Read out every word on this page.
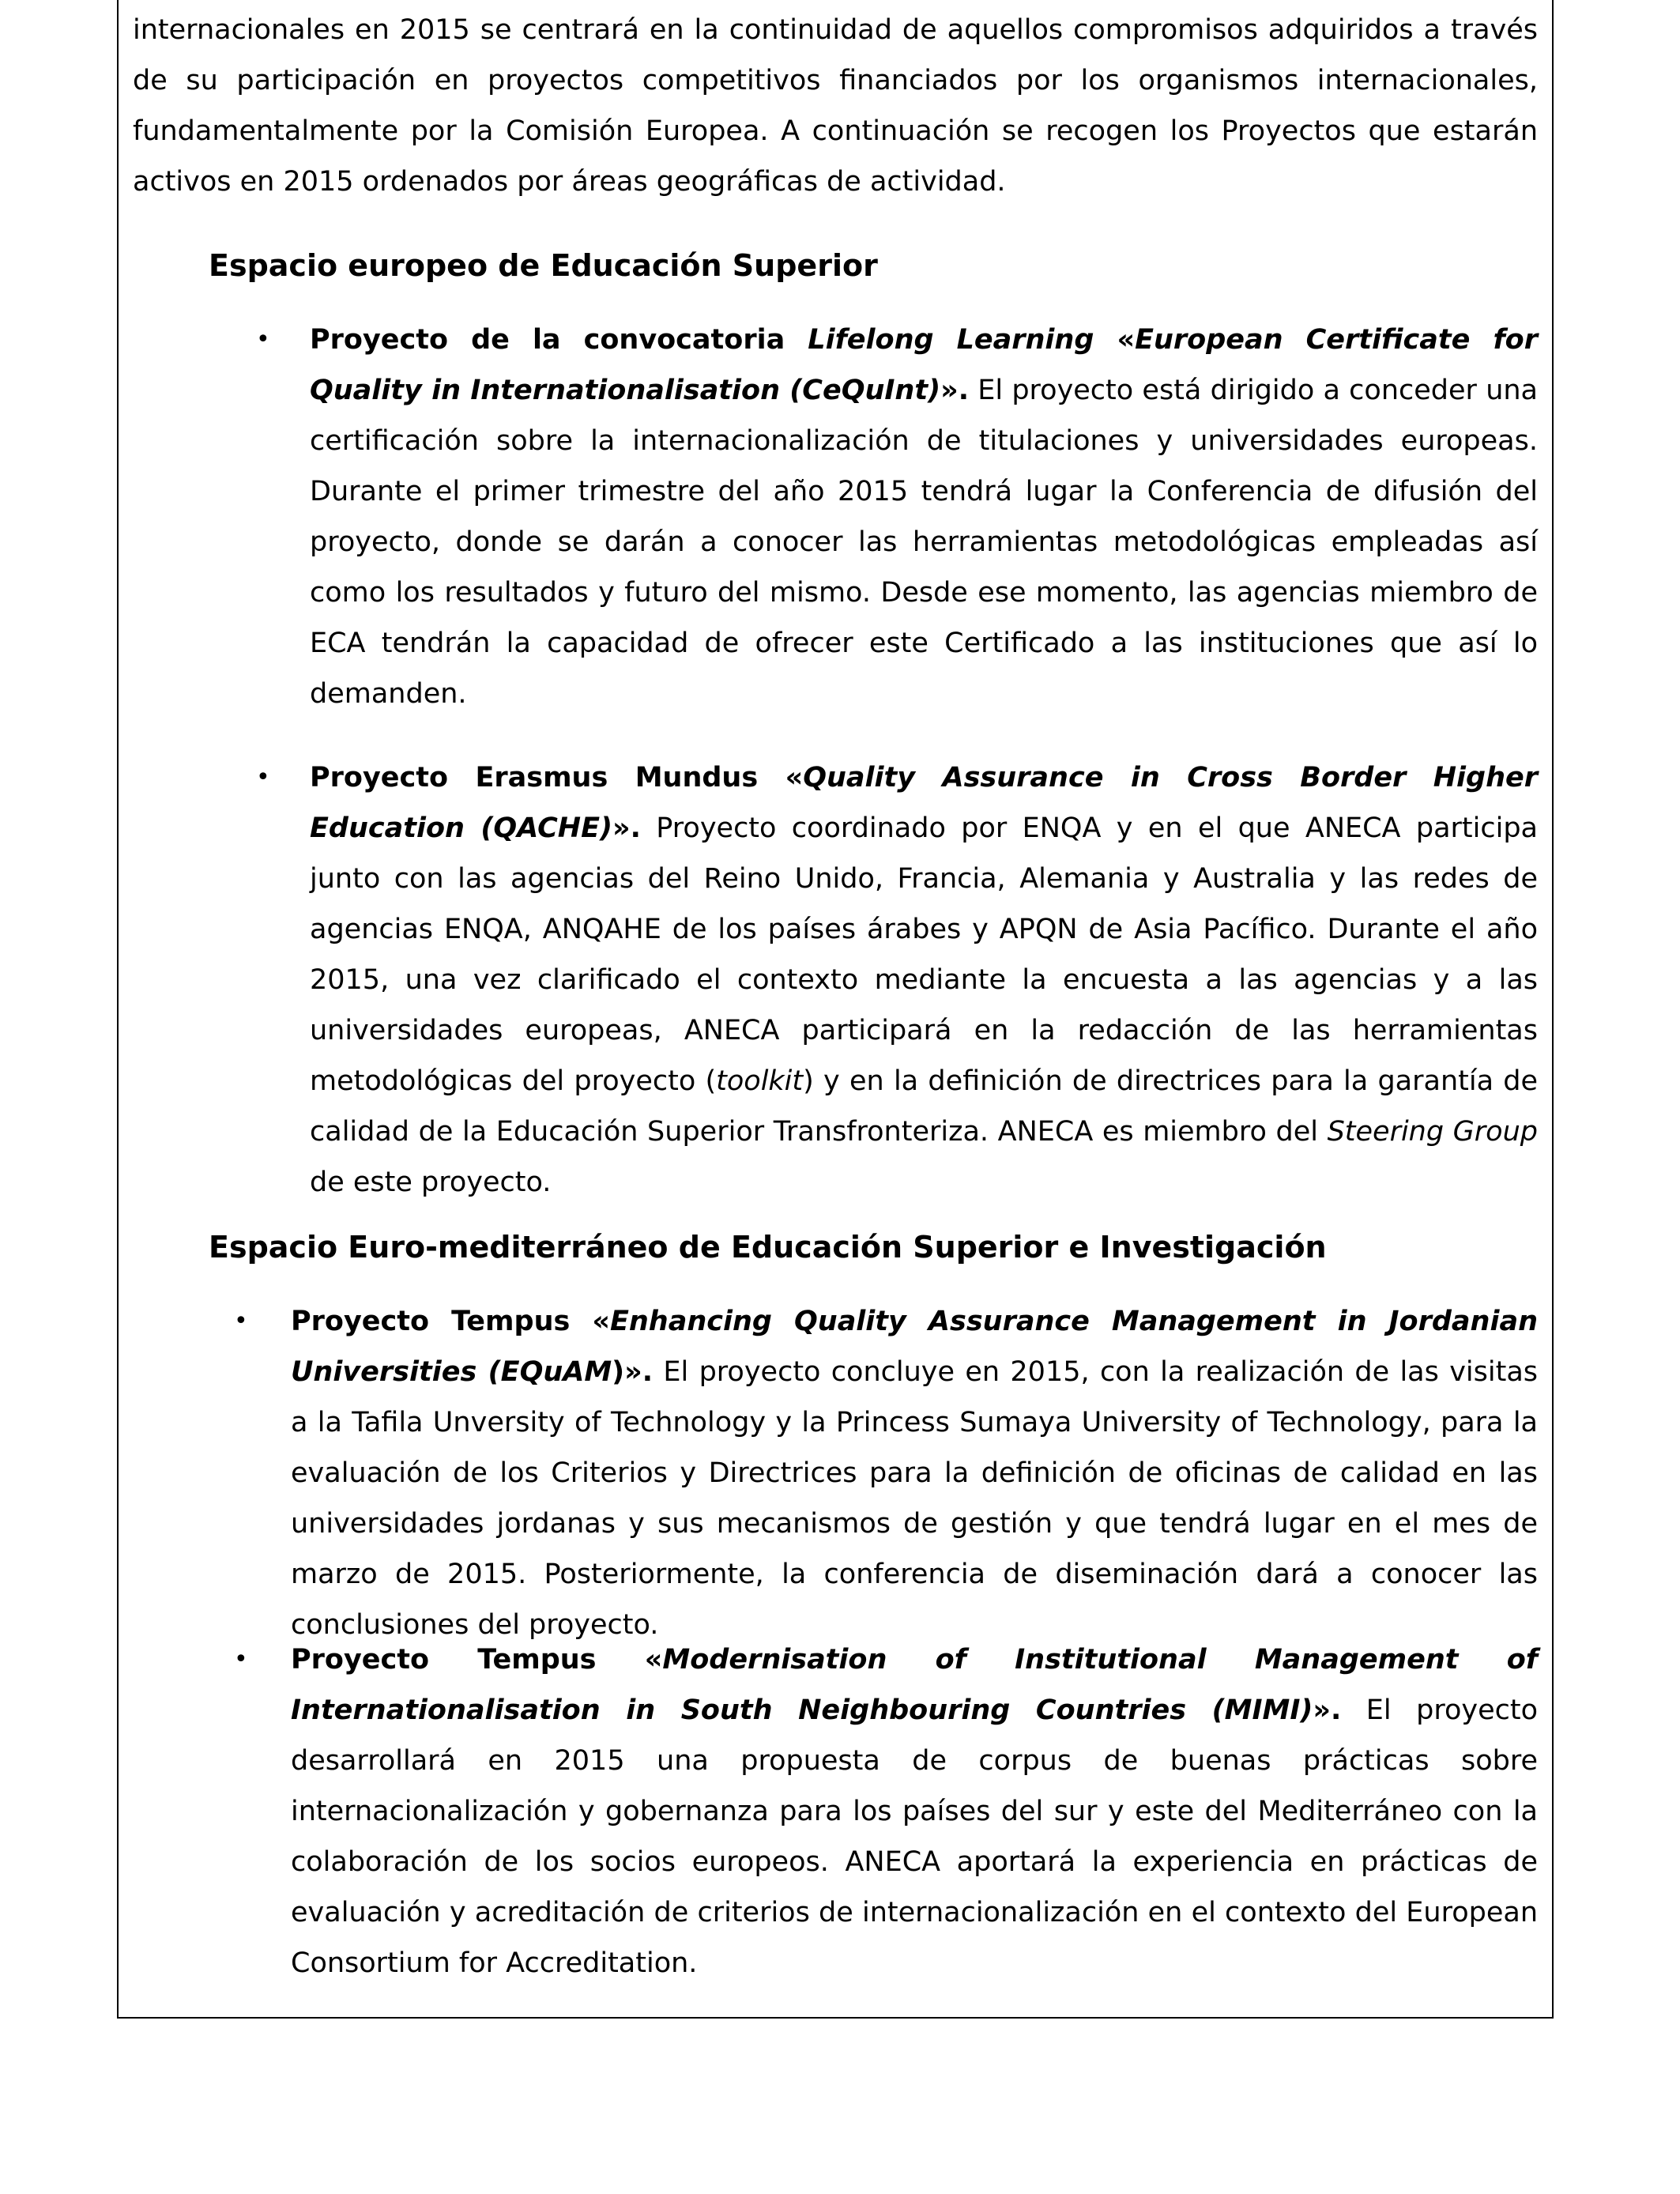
internacionales en 2015 se centrará en la continuidad de aquellos compromisos adquiridos a través de su participación en proyectos competitivos financiados por los organismos internacionales, fundamentalmente por la Comisión Europea. A continuación se recogen los Proyectos que estarán activos en 2015 ordenados por áreas geográficas de actividad.

Espacio europeo de Educación Superior
• Proyecto de la convocatoria Lifelong Learning «European Certificate for Quality in Internationalisation (CeQuInt)». El proyecto está dirigido a conceder una certificación sobre la internacionalización de titulaciones y universidades europeas. Durante el primer trimestre del año 2015 tendrá lugar la Conferencia de difusión del proyecto, donde se darán a conocer las herramientas metodológicas empleadas así como los resultados y futuro del mismo. Desde ese momento, las agencias miembro de ECA tendrán la capacidad de ofrecer este Certificado a las instituciones que así lo demanden.
• Proyecto Erasmus Mundus «Quality Assurance in Cross Border Higher Education (QACHE)». Proyecto coordinado por ENQA y en el que ANECA participa junto con las agencias del Reino Unido, Francia, Alemania y Australia y las redes de agencias ENQA, ANQAHE de los países árabes y APQN de Asia Pacífico. Durante el año 2015, una vez clarificado el contexto mediante la encuesta a las agencias y a las universidades europeas, ANECA participará en la redacción de las herramientas metodológicas del proyecto (toolkit) y en la definición de directrices para la garantía de calidad de la Educación Superior Transfronteriza. ANECA es miembro del Steering Group de este proyecto.
Espacio Euro-mediterráneo de Educación Superior e Investigación
• Proyecto Tempus «Enhancing Quality Assurance Management in Jordanian Universities (EQuAM)». El proyecto concluye en 2015, con la realización de las visitas a la Tafila Unversity of Technology y la Princess Sumaya University of Technology, para la evaluación de los Criterios y Directrices para la definición de oficinas de calidad en las universidades jordanas y sus mecanismos de gestión y que tendrá lugar en el mes de marzo de 2015. Posteriormente, la conferencia de diseminación dará a conocer las conclusiones del proyecto.
• Proyecto Tempus «Modernisation of Institutional Management of Internationalisation in South Neighbouring Countries (MIMI)». El proyecto desarrollará en 2015 una propuesta de corpus de buenas prácticas sobre internacionalización y gobernanza para los países del sur y este del Mediterráneo con la colaboración de los socios europeos. ANECA aportará la experiencia en prácticas de evaluación y acreditación de criterios de internacionalización en el contexto del European Consortium for Accreditation.
